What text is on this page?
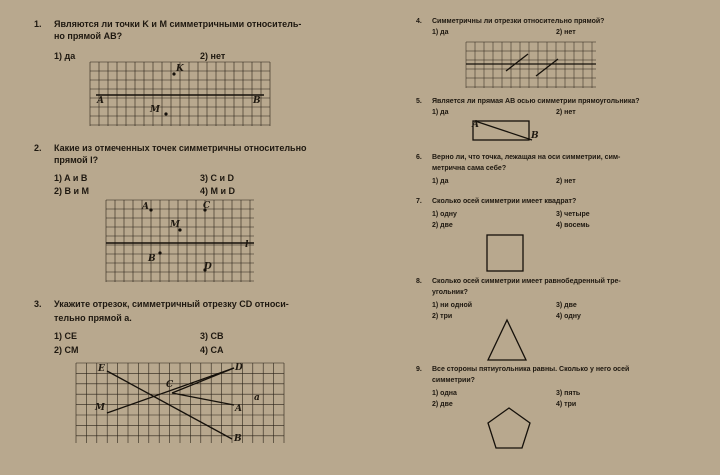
1. Являются ли точки K и M симметричными относитель-
но прямой AB?
1) да	2) нет
K
M
A	B
2. Какие из отмеченных точек симметричны относительно
прямой l?
1) A и B
2) B и M
3) C и D
4) M и D
A	C
M
l
B
D
3. Укажите отрезок, симметричный отрезку CD относи-
тельно прямой a.
1) CE
2) CM
3) CB
4) CA
E	D
C
a
M	A
B
4. Симметричны ли отрезки относительно прямой?
1) да	2) нет
5. Является ли прямая AB осью симметрии прямоугольника?
1) да	2) нет
A
B
6. Верно ли, что точка, лежащая на оси симметрии, сим-
метрична сама себе?
1) да	2) нет
7. Сколько осей симметрии имеет квадрат?
1) одну
2) две
3) четыре
4) восемь
8. Сколько осей симметрии имеет равнобедренный тре-
угольник?
1) ни одной
2) три
3) две
4) одну
9. Все стороны пятиугольника равны. Сколько у него осей
симметрии?
1) одна
2) две
3) пять
4) три
